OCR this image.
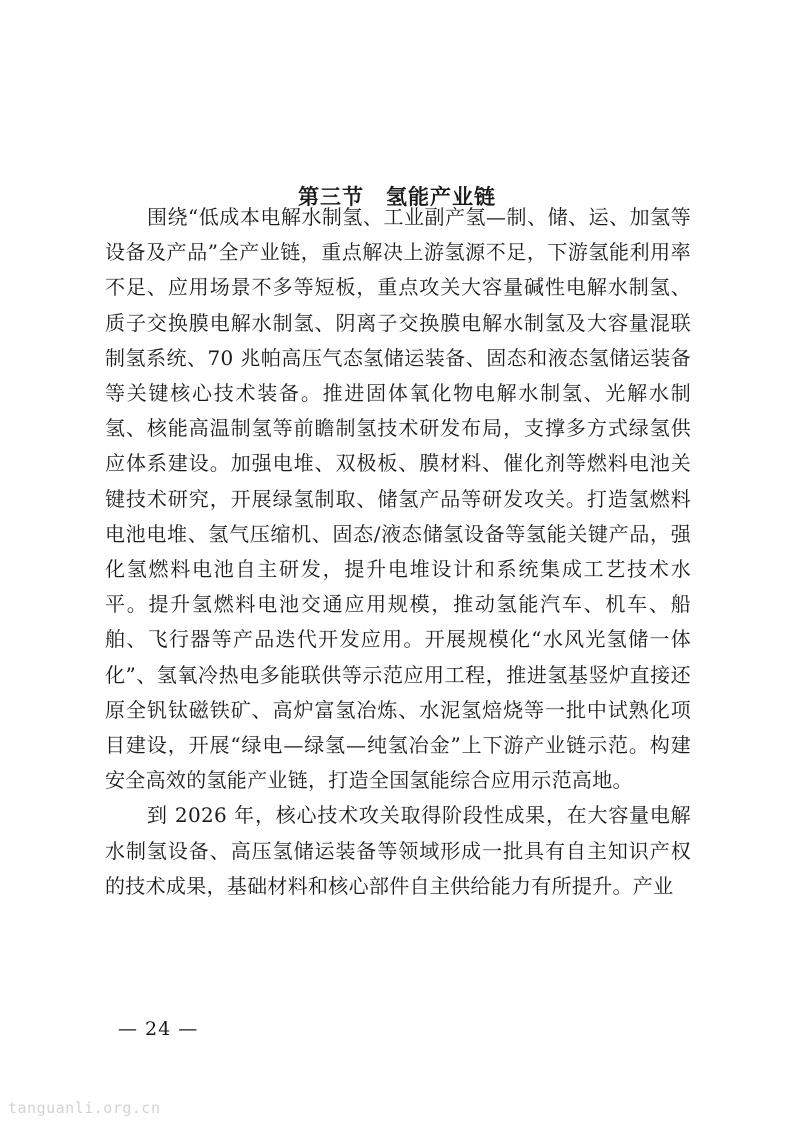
第三节　氢能产业链

围绕“低成本电解水制氢、工业副产氢—制、储、运、加氢等设备及产品”全产业链，重点解决上游氢源不足，下游氢能利用率不足、应用场景不多等短板，重点攻关大容量碱性电解水制氢、质子交换膜电解水制氢、阴离子交换膜电解水制氢及大容量混联制氢系统、70 兆帕高压气态氢储运装备、固态和液态氢储运装备等关键核心技术装备。推进固体氧化物电解水制氢、光解水制氢、核能高温制氢等前瞻制氢技术研发布局，支撑多方式绿氢供应体系建设。加强电堆、双极板、膜材料、催化剂等燃料电池关键技术研究，开展绿氢制取、储氢产品等研发攻关。打造氢燃料电池电堆、氢气压缩机、固态/液态储氢设备等氢能关键产品，强化氢燃料电池自主研发，提升电堆设计和系统集成工艺技术水平。提升氢燃料电池交通应用规模，推动氢能汽车、机车、船舶、飞行器等产品迭代开发应用。开展规模化“水风光氢储一体化”、氢氧冷热电多能联供等示范应用工程，推进氢基竖炉直接还原全钒钛磁铁矿、高炉富氢冶炼、水泥氢焙烧等一批中试熟化项目建设，开展“绿电—绿氢—纯氢冶金”上下游产业链示范。构建安全高效的氢能产业链，打造全国氢能综合应用示范高地。

到 2026 年，核心技术攻关取得阶段性成果，在大容量电解水制氢设备、高压氢储运装备等领域形成一批具有自主知识产权的技术成果，基础材料和核心部件自主供给能力有所提升。产业

— 24 —
tanguanli.org.cn
